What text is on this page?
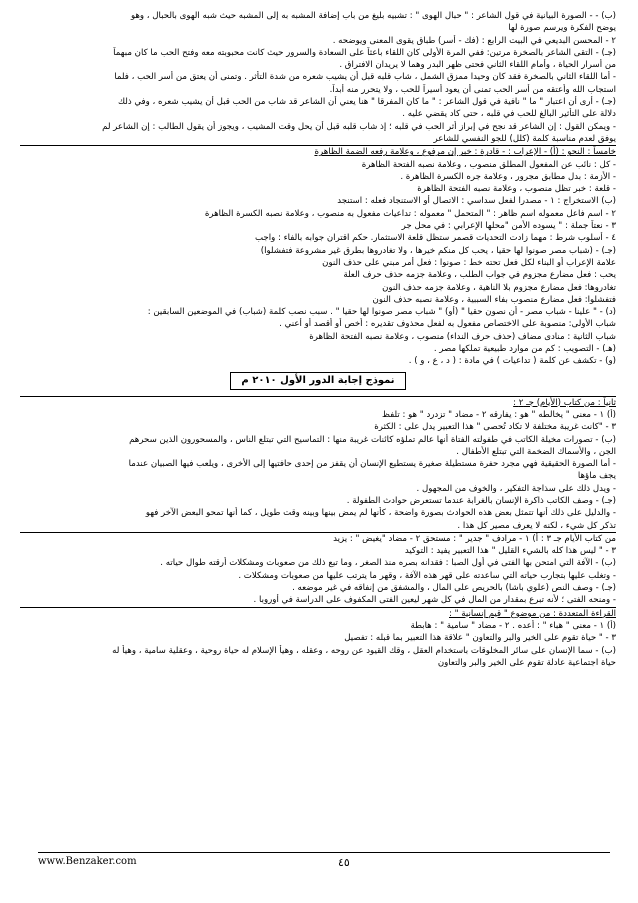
(ب) - - الصورة البيانية في قول الشاعر : " حبال الهوى " : تشبيه بليغ من باب إضافة المشبه به إلى المشبه حيث شبه الهوى بالحبال ، وهو
يوضح الفكرة ويرسم صورة لها
٢ - المحسن البديعي في البيت الرابع : (فك - أسر) طباق يقوى المعنى ويوضحه .
(جـ) - التقى الشاعر بالصخرة مرتين: ففي المرة الأولى كان اللقاء باعثاً على السعادة والسرور حيث كانت محبوبته معه وفتح الحب ما كان مبهماً
من أسرار الحياة ، وأمام اللقاء الثاني فحتى ظهر البدر وهما لا يريدان الافتراق .
- أما اللقاء الثاني بالصخرة فقد كان وحيدا ممزق الشمل ، شاب قلبه قبل أن يشيب شعره من شدة التأثر . وتمنى أن يعتق من أسر الحب ، فلما
استجاب الله وأعتقه من أسر الحب تمنى أن يعود أسيراً للحب ، ولا يتحرر منه أبداً.
(جـ) - أرى أن اعتبار " ما " نافية في قول الشاعر : " ما كان المفرقا " هنا يعني أن الشاعر قد شاب من الحب قبل أن يشيب شعره ، وفي ذلك
دلالة على التأثير البالغ للحب في قلبه ، حتى كاد يقضي عليه .
- ويمكن القول : إن الشاعر قد نجح في إبراز أثر الحب في قلبه ؛ إذ شاب قلبه قبل أن يحل وقت المشيب ، ويجوز أن يقول الطالب : إن الشاعر لم
يوفق لعدم مناسبة كلمة (كلل) للجو النفسي للشاعر
خامساً : النحو : (أ) - الإعراب : - قادرة : خبر إن مرفوع ، وعلامة رفعه الضمة الظاهرة
- كل : نائب عن المفعول المطلق منصوب ، وعلامة نصبه الفتحة الظاهرة
- الأزمة : بدل مطابق مجرور ، وعلامة جره الكسرة الظاهرة .
- قلعة : خبر تظل منصوب ، وعلامة نصبه الفتحة الظاهرة
(ب) الاستخراج : ١ - مصدرا لفعل سداسي : الاتصال أو الاستنجاد فعله : استنجد
٢ - اسم فاعل معموله اسم ظاهر : " المتحمل " معموله : تداعيات مفعول به منصوب ، وعلامة نصبه الكسرة الظاهرة
٣ - نعتاً جملة : " يسوده الأمن "محلها الإعرابي : في محل جر
٤ - أسلوب شرط : مهما زادت التحديات قصمر ستظل قلعة الاستثمار. حكم اقتران جوابه بالفاء : واجب
(جـ) - (شباب مصر صونوا لها حقيا ، يحب كل منكم خيرها ، ولا تغادروها بطرق غير مشروعة فتفشلوا)
علامة الإعراب أو البناء لكل فعل تحته خط : صونوا : فعل أمر مبني على حذف النون
يحب : فعل مضارع مجزوم في جواب الطلب ، وعلامة جزمه حذف حرف العلة
تغادروها: فعل مضارع مجزوم بلا الناهية ، وعلامة جزمه حذف النون
فتفشلوا: فعل مضارع منصوب بفاء السببية ، وعلامة نصبه حذف النون
(د) - " علينا - شباب مصر - أن نصون حقيا " (أو) " شباب مصر صونوا لها حقيا " . سبب نصب كلمة (شباب) في الموضعين السابقين :
شباب الأولى: منصوبة على الاختصاص مفعول به لفعل محذوف تقديره : أخص أو أقصد أو أعني .
شباب الثانية : منادى مضاف (حذف حرف النداء) منصوب ، وعلامة نصبه الفتحة الظاهرة
(هـ) - التصويب : كم من موارد طبيعية تملكها مصر .
(و) - تكشف عن كلمة ( تداعيات ) في مادة : ( د ، ع ، و ) .
نموذج إجابة الدور الأول ٢٠١٠ م
ثانياً : من كتاب (الأيام) جـ ٢ :
(أ) ١ - معنى " يخالطه " هو : يفارقه ٢ - مضاد " تزدرد " هو : تلفظ
٣ - "كانت غريبة مختلفة لا تكاد تُحصى " هذا التعبير يدل على : الكثرة
(ب) - تصورات مخيلة الكاتب في طفولته الفتاة أنها عالم تملؤه كائنات غريبة منها : التماسيح التي تبتلع الناس ، والمسحورون الذين سحرهم
الجن ، والأسماك الضخمة التي تبتلع الأطفال .
- أما الصورة الحقيقية فهي مجرد حفرة مستطيلة صغيرة يستطيع الإنسان أن يقفز من إحدى حافتيها إلى الأخرى ، ويلعب فيها الصبيان عندما
يجف ماؤها
- ويدل ذلك على سذاجة التفكير ، والخوف من المجهول .
(جـ) - وصف الكاتب ذاكرة الإنسان بالغرابة عندما تستعرض حوادث الطفولة .
- والدليل على ذلك أنها تتمثل بعض هذه الحوادث بصورة واضحة ، كأنها لم يمض بينها وبينه وقت طويل ، كما أنها تمحو البعض الآخر فهو
تذكر كل شيء ، لكنه لا يعرف مصير كل هذا .
من كتاب الأيام جـ ٣ : أ) ١ - مرادف " جدير " : مستحق ٢ - مضاد "يغيض " : يزيد
٣ - " ليس هذا كله بالشيء القليل " هذا التعبير يفيد : التوكيد
(ب) - الآفة التي امتحن بها الفتى في أول الصبا : فقدانه بصره منذ الصغر ، وما تبع ذلك من صعوبات ومشكلات أرقته طوال حياته .
- وتغلب عليها بتجارب حياته التي ساعدته على قهر هذه الآفة ، وقهر ما يترتب عليها من صعوبات ومشكلات .
(جـ) - وصف النص (علوي باشا) بالحريص على المال ، والمشفق من إنفاقه في غير موضعه .
- ومنحه الفتى ؛ لأنه تبرع بمقدار من المال في كل شهر ليعين الفتى المكفوف على الدراسة في أوروبا .
القراءة المتعددة : من موضوع " قيم إنسانية " :
(أ) ١ - معنى " هباء " : أعده . ٢ - مضاد " سامية " : هابطة
٣ - " حياة تقوم على الخير والبر والتعاون " علاقة هذا التعبير بما قبله : تفصيل
(ب) - سما الإنسان على سائر المخلوقات باستخدام العقل ، وقك القيود عن روحه ، وعقله ، وهيأ الإسلام له حياة روحية ، وعقلية سامية ، وهيأ له
حياة اجتماعية عادلة تقوم على الخير والبر والتعاون
www.Benzaker.com	٤٥
